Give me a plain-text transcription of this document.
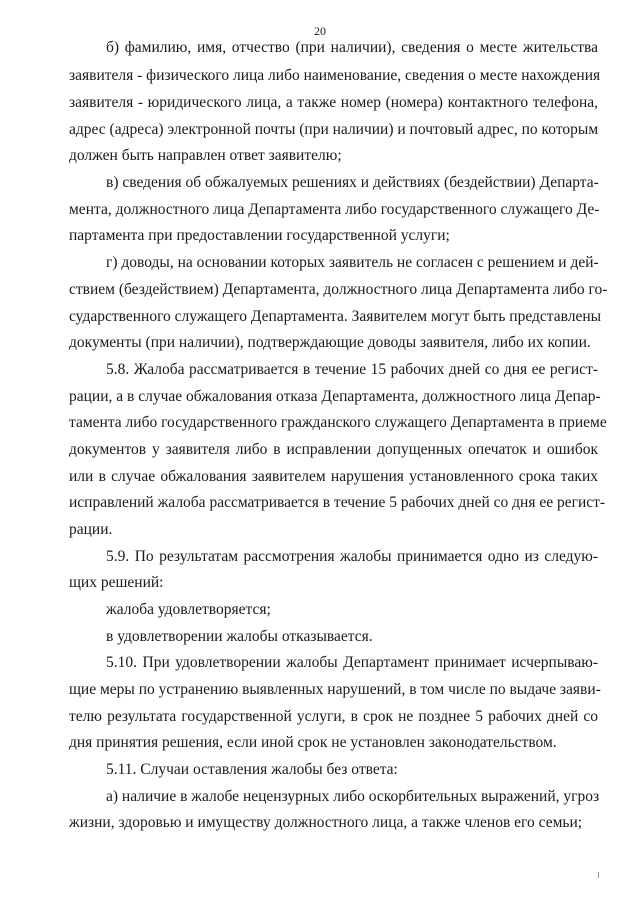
20
б) фамилию, имя, отчество (при наличии), сведения о месте жительства
заявителя - физического лица либо наименование, сведения о месте нахождения
заявителя - юридического лица, а также номер (номера) контактного телефона,
адрес (адреса) электронной почты (при наличии) и почтовый адрес, по которым
должен быть направлен ответ заявителю;
в) сведения об обжалуемых решениях и действиях (бездействии) Департа-
мента, должностного лица Департамента либо государственного служащего Де-
партамента при предоставлении государственной услуги;
г) доводы, на основании которых заявитель не согласен с решением и дей-
ствием (бездействием) Департамента, должностного лица Департамента либо го-
сударственного служащего Департамента. Заявителем могут быть представлены
документы (при наличии), подтверждающие доводы заявителя, либо их копии.
5.8. Жалоба рассматривается в течение 15 рабочих дней со дня ее регист-
рации, а в случае обжалования отказа Департамента, должностного лица Депар-
тамента либо государственного гражданского служащего Департамента в приеме
документов у заявителя либо в исправлении допущенных опечаток и ошибок
или в случае обжалования заявителем нарушения установленного срока таких
исправлений жалоба рассматривается в течение 5 рабочих дней со дня ее регист-
рации.
5.9. По результатам рассмотрения жалобы принимается одно из следую-
щих решений:
жалоба удовлетворяется;
в удовлетворении жалобы отказывается.
5.10. При удовлетворении жалобы Департамент принимает исчерпываю-
щие меры по устранению выявленных нарушений, в том числе по выдаче заяви-
телю результата государственной услуги, в срок не позднее 5 рабочих дней со
дня принятия решения, если иной срок не установлен законодательством.
5.11. Случаи оставления жалобы без ответа:
а) наличие в жалобе нецензурных либо оскорбительных выражений, угроз
жизни, здоровью и имуществу должностного лица, а также членов его семьи;
